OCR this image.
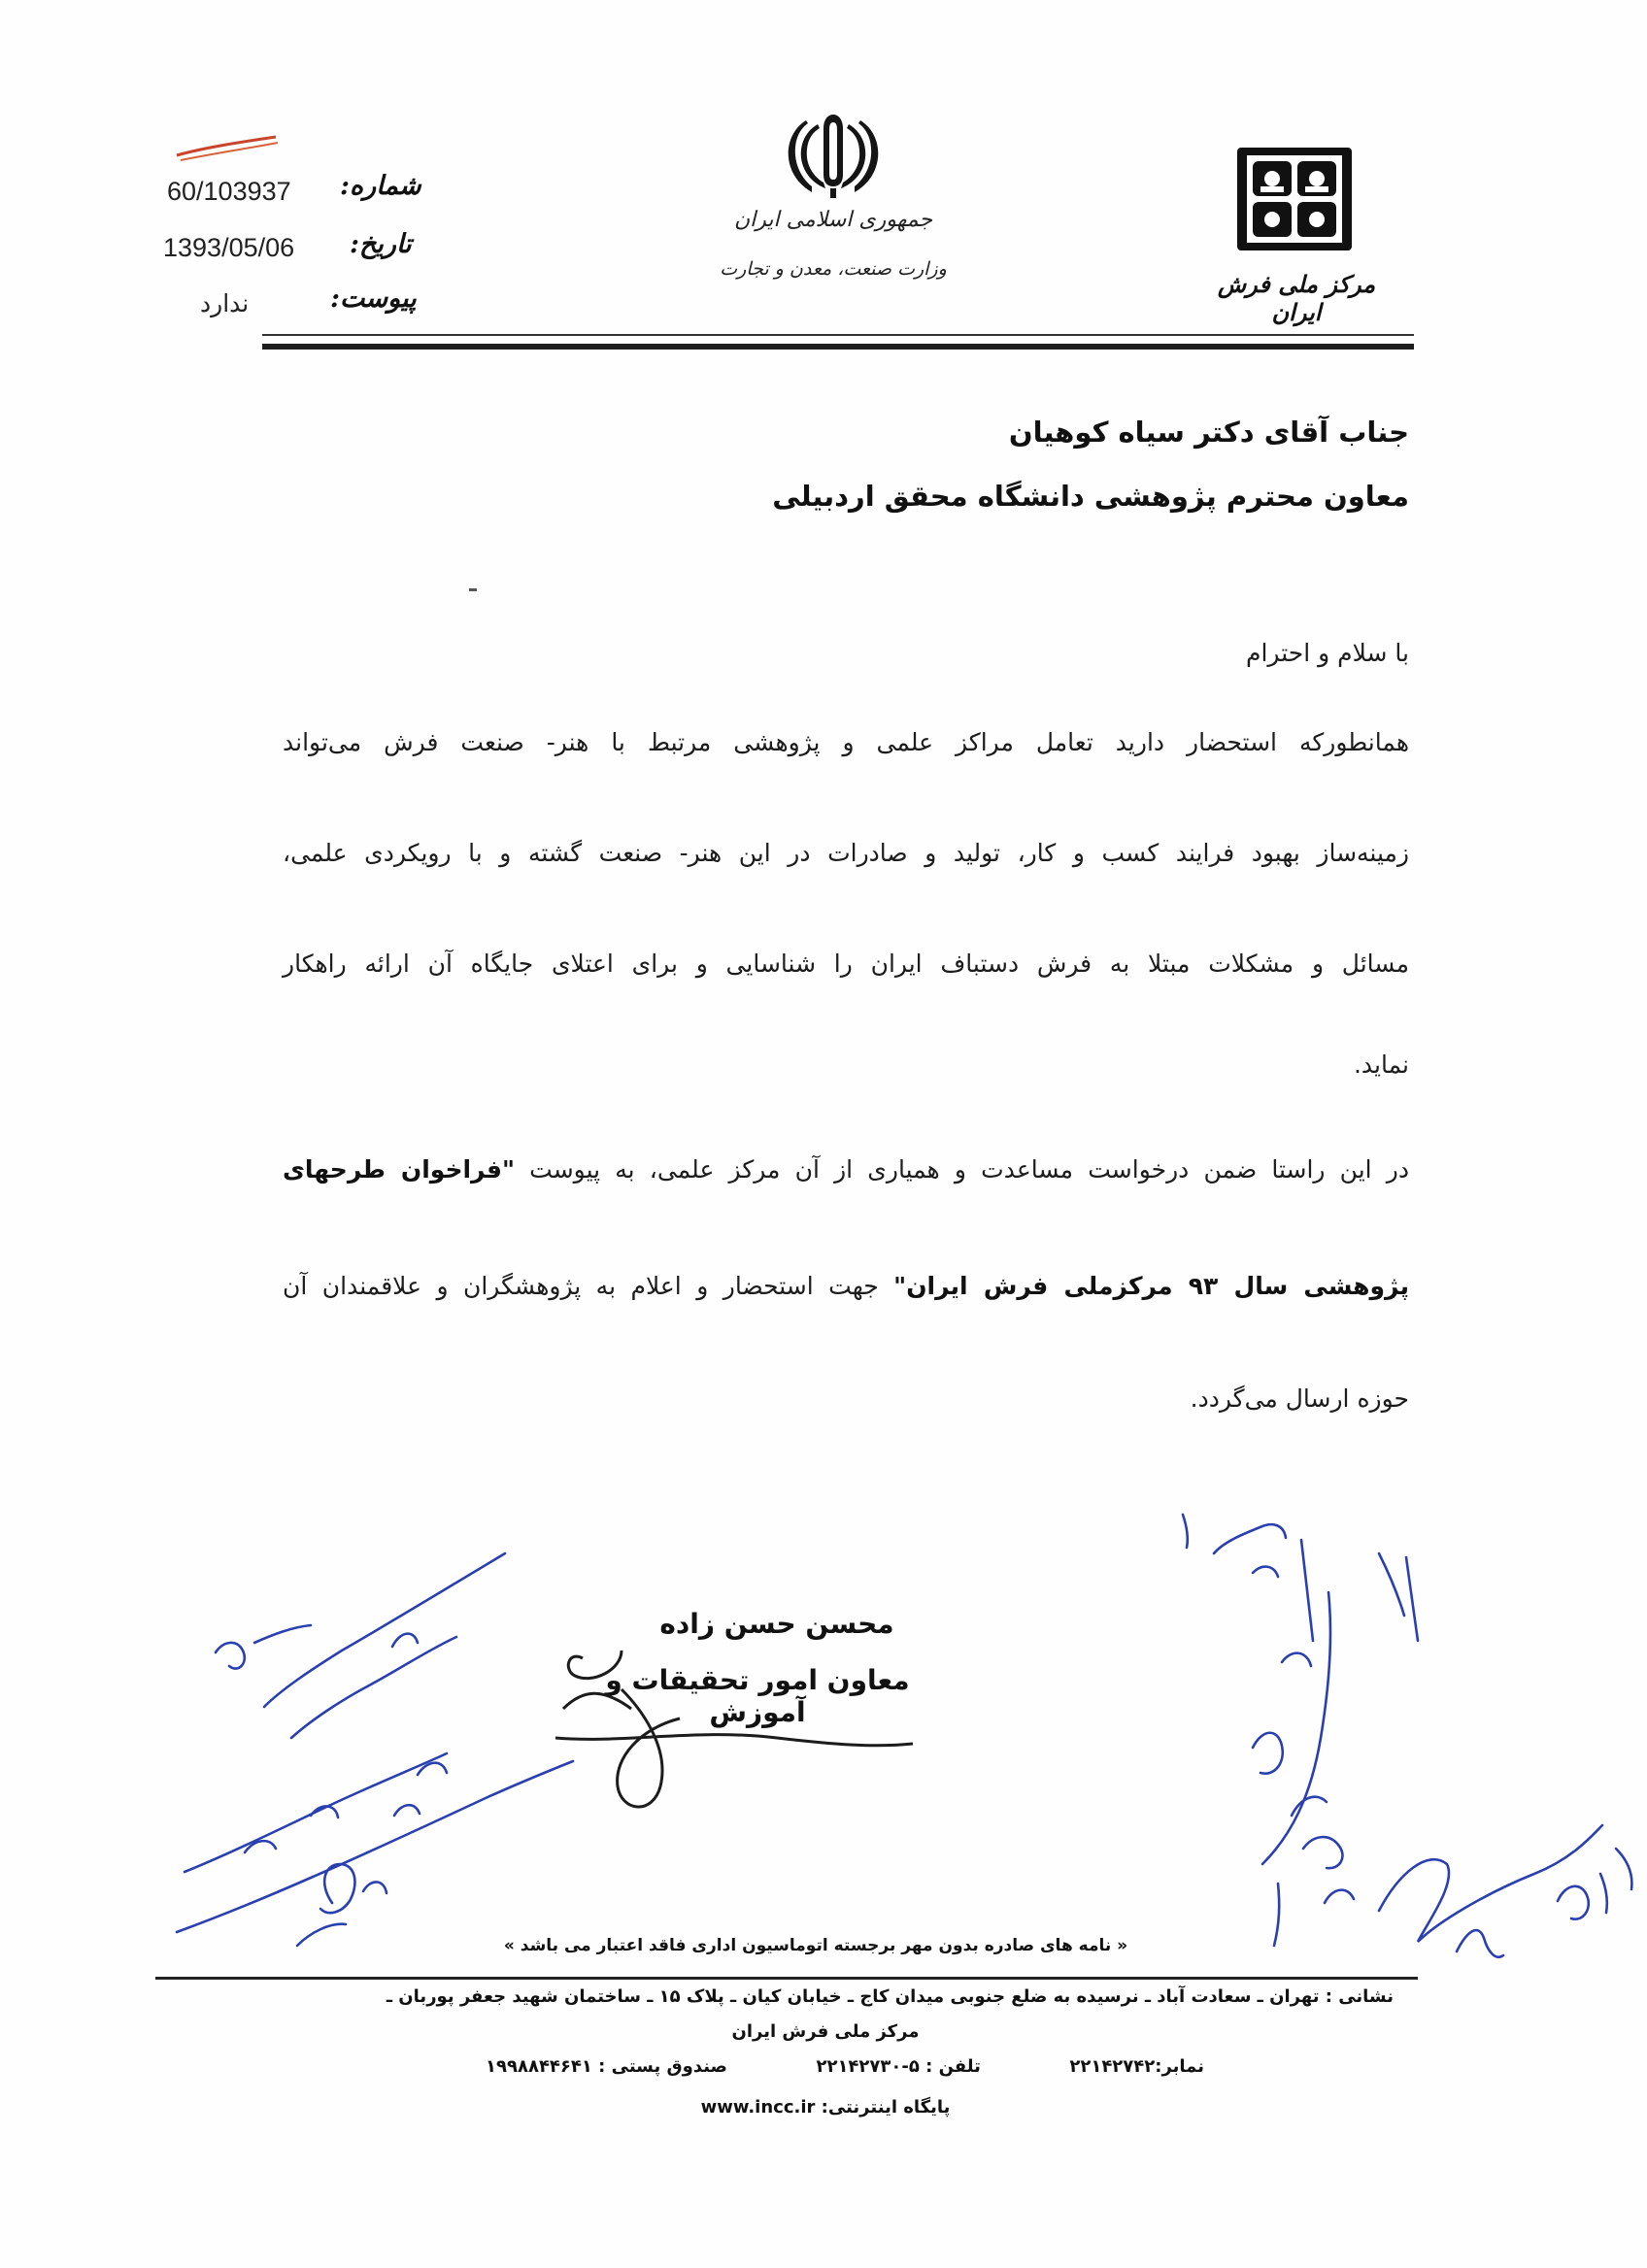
60/103937 شماره:
1393/05/06 تاریخ:
ندارد	پیوست:
جمهوری اسلامی ایران
وزارت صنعت، معدن و تجارت
مرکز ملی فرش ایران
جناب آقای دکتر سیاه کوهیان
معاون محترم پژوهشی دانشگاه محقق اردبیلی
با سلام و احترام
همانطورکه استحضار دارید تعامل مراکز علمی و پژوهشی مرتبط با هنر- صنعت فرش می‌تواند
زمینه‌ساز بهبود فرایند کسب و کار، تولید و صادرات در این هنر- صنعت گشته و با رویکردی علمی،
مسائل و مشکلات مبتلا به فرش دستباف ایران را شناسایی و برای اعتلای جایگاه آن ارائه راهکار
نماید.
در این راستا ضمن درخواست مساعدت و همیاری از آن مرکز علمی، به پیوست "فراخوان طرحهای
پژوهشی سال ۹۳ مرکزملی فرش ایران" جهت استحضار و اعلام به پژوهشگران و علاقمندان آن
حوزه ارسال می‌گردد.
محسن حسن زاده
معاون امور تحقیقات و آموزش
« نامه های صادره بدون مهر برجسته اتوماسیون اداری فاقد اعتبار می باشد »
نشانی : تهران ـ سعادت آباد ـ نرسیده به ضلع جنوبی میدان کاج ـ خیابان کیان ـ پلاک ۱۵ ـ ساختمان شهید جعفر پوربان ـ
مرکز ملی فرش ایران
صندوق پستی : ۱۹۹۸۸۴۴۶۴۱	تلفن : ۵-۲۲۱۴۲۷۳۰	نمابر:۲۲۱۴۲۷۴۲
پایگاه اینترنتی: www.incc.ir
